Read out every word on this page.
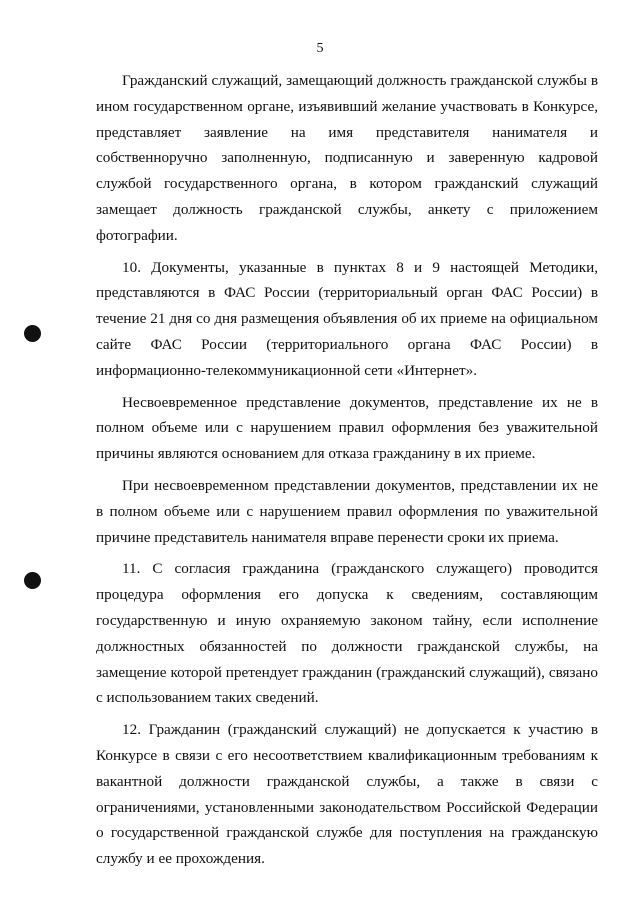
5

Гражданский служащий, замещающий должность гражданской службы в ином государственном органе, изъявивший желание участвовать в Конкурсе, представляет заявление на имя представителя нанимателя и собственноручно заполненную, подписанную и заверенную кадровой службой государственного органа, в котором гражданский служащий замещает должность гражданской службы, анкету с приложением фотографии.

10. Документы, указанные в пунктах 8 и 9 настоящей Методики, представляются в ФАС России (территориальный орган ФАС России) в течение 21 дня со дня размещения объявления об их приеме на официальном сайте ФАС России (территориального органа ФАС России) в информационно-телекоммуникационной сети «Интернет».

Несвоевременное представление документов, представление их не в полном объеме или с нарушением правил оформления без уважительной причины являются основанием для отказа гражданину в их приеме.

При несвоевременном представлении документов, представлении их не в полном объеме или с нарушением правил оформления по уважительной причине представитель нанимателя вправе перенести сроки их приема.

11. С согласия гражданина (гражданского служащего) проводится процедура оформления его допуска к сведениям, составляющим государственную и иную охраняемую законом тайну, если исполнение должностных обязанностей по должности гражданской службы, на замещение которой претендует гражданин (гражданский служащий), связано с использованием таких сведений.

12. Гражданин (гражданский служащий) не допускается к участию в Конкурсе в связи с его несоответствием квалификационным требованиям к вакантной должности гражданской службы, а также в связи с ограничениями, установленными законодательством Российской Федерации о государственной гражданской службе для поступления на гражданскую службу и ее прохождения.
